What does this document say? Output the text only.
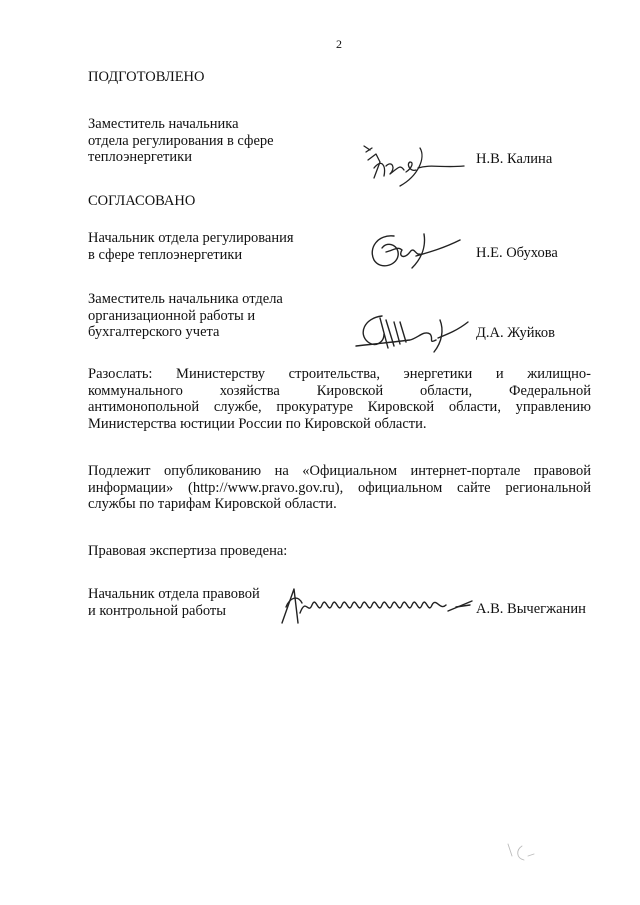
2
ПОДГОТОВЛЕНО
Заместитель начальника
отдела регулирования в сфере
теплоэнергетики	Н.В. Калина
СОГЛАСОВАНО
Начальник отдела регулирования
в сфере теплоэнергетики	Н.Е. Обухова
Заместитель начальника отдела
организационной работы и
бухгалтерского учета	Д.А. Жуйков
Разослать: Министерству строительства, энергетики и жилищно-
коммунального хозяйства Кировской области, Федеральной
антимонопольной службе, прокуратуре Кировской области, управлению
Министерства юстиции России по Кировской области.
Подлежит опубликованию на «Официальном интернет-портале правовой
информации» (http://www.pravo.gov.ru), официальном сайте региональной
службы по тарифам Кировской области.
Правовая экспертиза проведена:
Начальник отдела правовой
и контрольной работы	А.В. Вычегжанин
